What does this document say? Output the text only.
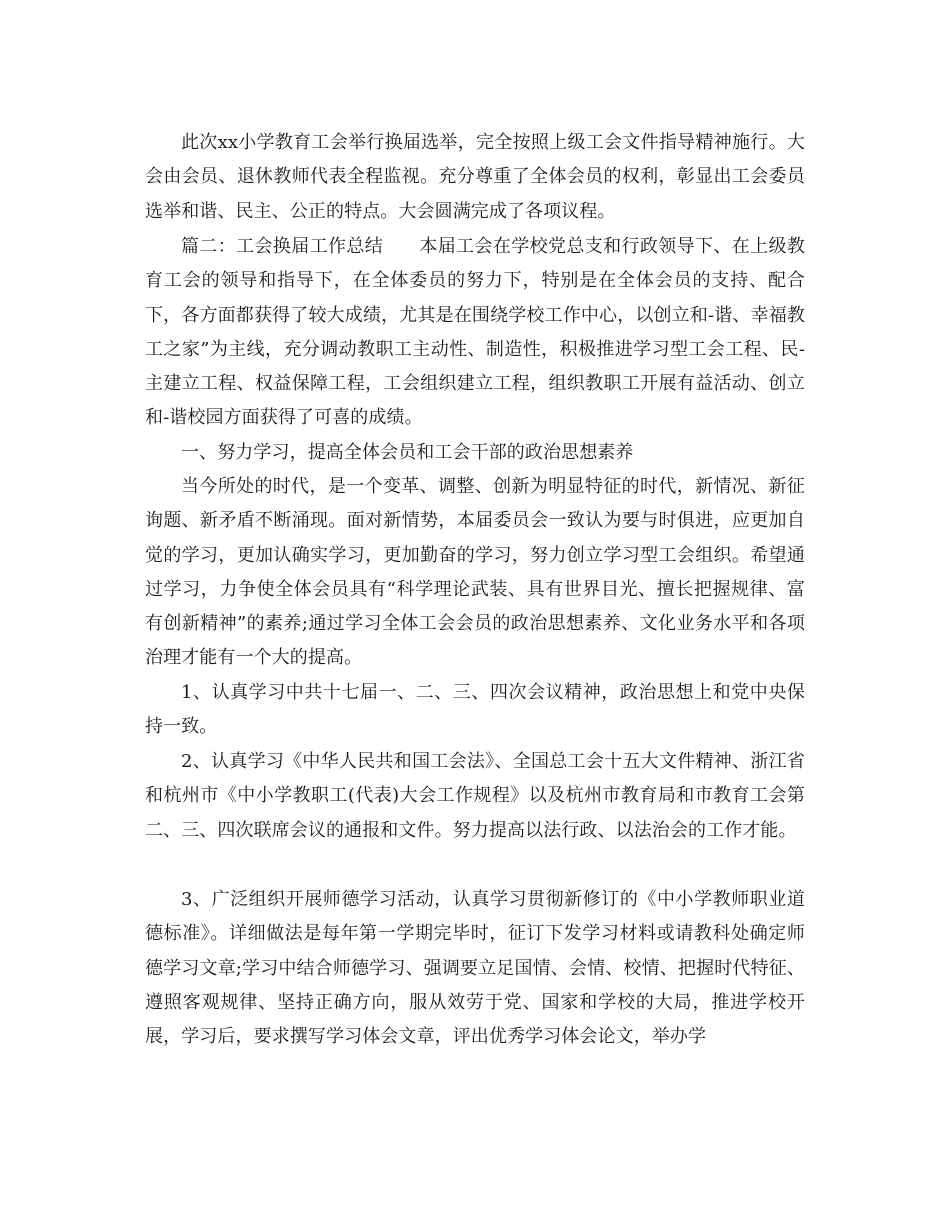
此次xx小学教育工会举行换届选举，完全按照上级工会文件指导精神施行。大会由会员、退休教师代表全程监视。充分尊重了全体会员的权利，彰显出工会委员选举和谐、民主、公正的特点。大会圆满完成了各项议程。

篇二：工会换届工作总结 本届工会在学校党总支和行政领导下、在上级教育工会的领导和指导下，在全体委员的努力下，特别是在全体会员的支持、配合下，各方面都获得了较大成绩，尤其是在围绕学校工作中心，以创立和-谐、幸福教工之家”为主线，充分调动教职工主动性、制造性，积极推进学习型工会工程、民-主建立工程、权益保障工程，工会组织建立工程，组织教职工开展有益活动、创立和-谐校园方面获得了可喜的成绩。

一、努力学习，提高全体会员和工会干部的政治思想素养

当今所处的时代，是一个变革、调整、创新为明显特征的时代，新情况、新征询题、新矛盾不断涌现。面对新情势，本届委员会一致认为要与时俱进，应更加自觉的学习，更加认确实学习，更加勤奋的学习，努力创立学习型工会组织。希望通过学习，力争使全体会员具有“科学理论武装、具有世界目光、擅长把握规律、富有创新精神”的素养;通过学习全体工会会员的政治思想素养、文化业务水平和各项治理才能有一个大的提高。

1、认真学习中共十七届一、二、三、四次会议精神，政治思想上和党中央保持一致。

2、认真学习《中华人民共和国工会法》、全国总工会十五大文件精神、浙江省和杭州市《中小学教职工(代表)大会工作规程》以及杭州市教育局和市教育工会第二、三、四次联席会议的通报和文件。努力提高以法行政、以法治会的工作才能。

3、广泛组织开展师德学习活动，认真学习贯彻新修订的《中小学教师职业道德标准》。详细做法是每年第一学期完毕时，征订下发学习材料或请教科处确定师德学习文章;学习中结合师德学习、强调要立足国情、会情、校情、把握时代特征、遵照客观规律、坚持正确方向，服从效劳于党、国家和学校的大局，推进学校开展，学习后，要求撰写学习体会文章，评出优秀学习体会论文，举办学
